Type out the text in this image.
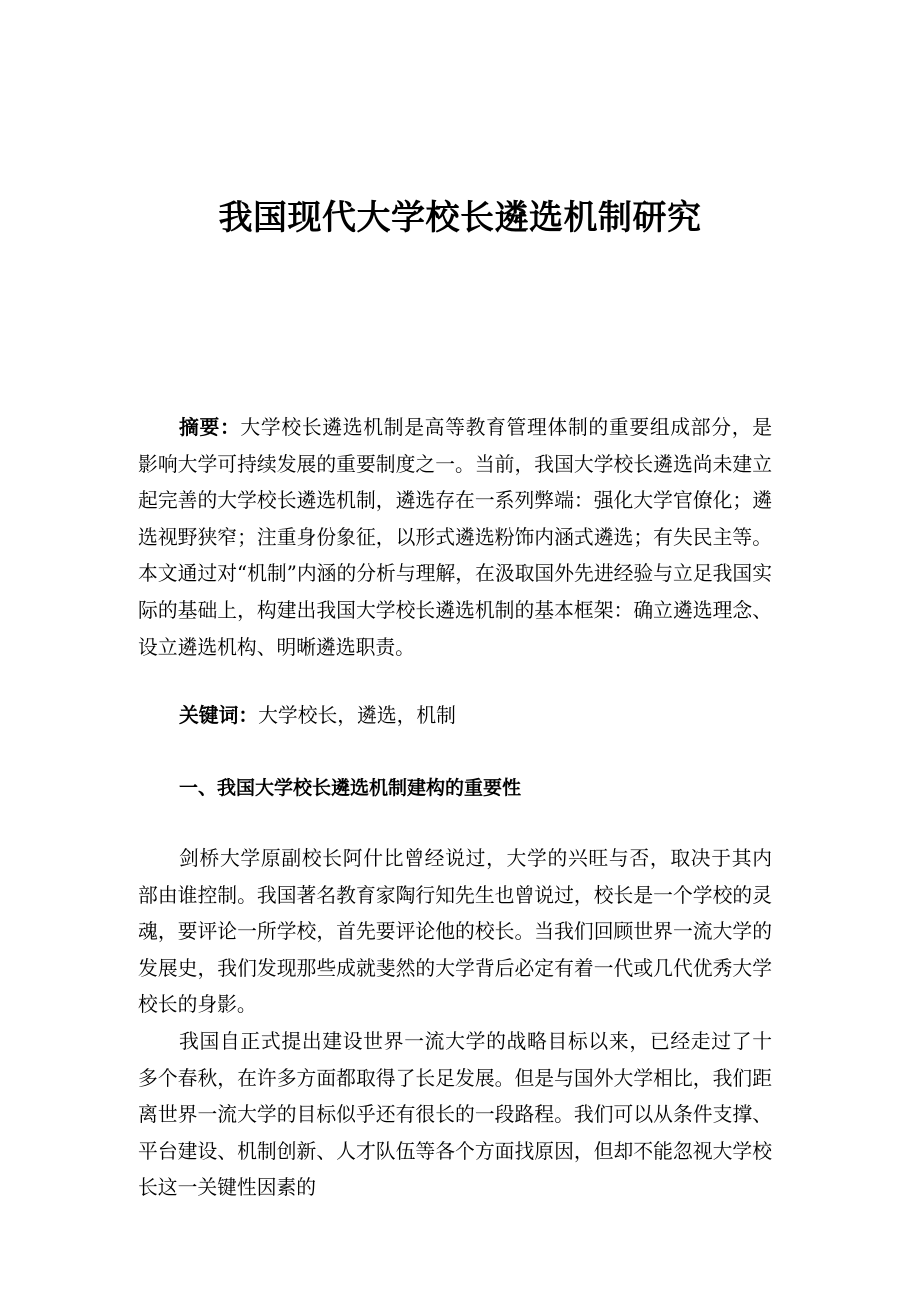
我国现代大学校长遴选机制研究

摘要：大学校长遴选机制是高等教育管理体制的重要组成部分，是影响大学可持续发展的重要制度之一。当前，我国大学校长遴选尚未建立起完善的大学校长遴选机制，遴选存在一系列弊端：强化大学官僚化；遴选视野狭窄；注重身份象征，以形式遴选粉饰内涵式遴选；有失民主等。本文通过对“机制”内涵的分析与理解，在汲取国外先进经验与立足我国实际的基础上，构建出我国大学校长遴选机制的基本框架：确立遴选理念、设立遴选机构、明晰遴选职责。

关键词：大学校长，遴选，机制

一、我国大学校长遴选机制建构的重要性

剑桥大学原副校长阿什比曾经说过，大学的兴旺与否，取决于其内部由谁控制。我国著名教育家陶行知先生也曾说过，校长是一个学校的灵魂，要评论一所学校，首先要评论他的校长。当我们回顾世界一流大学的发展史，我们发现那些成就斐然的大学背后必定有着一代或几代优秀大学校长的身影。

我国自正式提出建设世界一流大学的战略目标以来，已经走过了十多个春秋，在许多方面都取得了长足发展。但是与国外大学相比，我们距离世界一流大学的目标似乎还有很长的一段路程。我们可以从条件支撑、平台建设、机制创新、人才队伍等各个方面找原因，但却不能忽视大学校长这一关键性因素的
